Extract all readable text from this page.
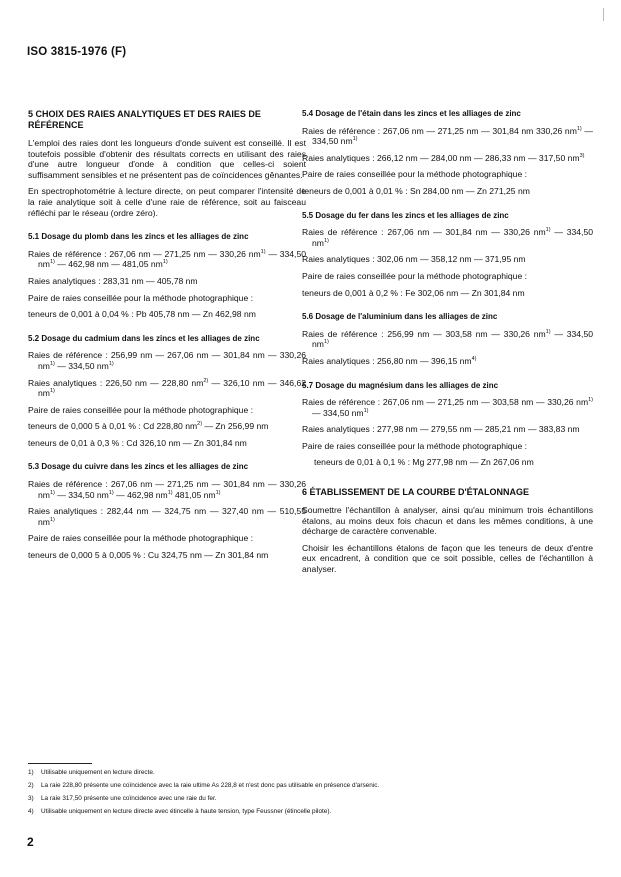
ISO 3815-1976 (F)
5 CHOIX DES RAIES ANALYTIQUES ET DES RAIES DE RÉFÉRENCE

L'emploi des raies dont les longueurs d'onde suivent est conseillé. Il est toutefois possible d'obtenir des résultats corrects en utilisant des raies d'une autre longueur d'onde à condition que celles-ci soient suffisamment sensibles et ne présentent pas de coïncidences gênantes.

En spectrophotométrie à lecture directe, on peut comparer l'intensité de la raie analytique soit à celle d'une raie de référence, soit au faisceau réfléchi par le réseau (ordre zéro).

5.1 Dosage du plomb dans les zincs et les alliages de zinc

Raies de référence : 267,06 nm — 271,25 nm — 330,26 $nm^{1)}$ — 334,50 $nm^{1)}$ — 462,98 nm — 481,05 $nm^{1)}$

Raies analytiques : 283,31 nm — 405,78 nm

Paire de raies conseillée pour la méthode photographique :

teneurs de 0,001 à 0,04 % : Pb 405,78 nm — Zn 462,98 nm

5.2 Dosage du cadmium dans les zincs et les alliages de zinc

Raies de référence : 256,99 nm — 267,06 nm — 301,84 nm — 330,26 $nm^{1)}$ — 334,50 $nm^{1)}$

Raies analytiques : 226,50 nm — 228,80 $nm^{2)}$ — 326,10 nm — 346,62 $nm^{1)}$

Paire de raies conseillée pour la méthode photographique :

teneurs de 0,000 5 à 0,01 % : Cd 228,80 $nm^{2)}$ — Zn 256,99 nm

teneurs de 0,01 à 0,3 % : Cd 326,10 nm — Zn 301,84 nm

5.3 Dosage du cuivre dans les zincs et les alliages de zinc

Raies de référence : 267,06 nm — 271,25 nm — 301,84 nm — 330,26 $nm^{1)}$ — 334,50 $nm^{1)}$ — 462,98 $nm^{1)}$ 481,05 $nm^{1)}$

Raies analytiques : 282,44 nm — 324,75 nm — 327,40 nm — 510,55 $nm^{1)}$

Paire de raies conseillée pour la méthode photographique :

teneurs de 0,000 5 à 0,005 % : Cu 324,75 nm — Zn 301,84 nm

5.4 Dosage de l'étain dans les zincs et les alliages de zinc

Raies de référence : 267,06 nm — 271,25 nm — 301,84 nm 330,26 $nm^{1)}$ — 334,50 $nm^{1)}$

Raies analytiques : 266,12 nm — 284,00 nm — 286,33 nm — 317,50 $nm^{3)}$

Paire de raies conseillée pour la méthode photographique :

teneurs de 0,001 à 0,01 % : Sn 284,00 nm — Zn 271,25 nm

5.5 Dosage du fer dans les zincs et les alliages de zinc

Raies de référence : 267,06 nm — 301,84 nm — 330,26 $nm^{1)}$ — 334,50 $nm^{1)}$

Raies analytiques : 302,06 nm — 358,12 nm — 371,95 nm

Paire de raies conseillée pour la méthode photographique :

teneurs de 0,001 à 0,2 % : Fe 302,06 nm — Zn 301,84 nm

5.6 Dosage de l'aluminium dans les alliages de zinc

Raies de référence : 256,99 nm — 303,58 nm — 330,26 $nm^{1)}$ — 334,50 $nm^{1)}$

Raies analytiques : 256,80 nm — 396,15 $nm^{4)}$

5.7 Dosage du magnésium dans les alliages de zinc

Raies de référence : 267,06 nm — 271,25 nm — 303,58 nm — 330,26 $nm^{1)}$ — 334,50 $nm^{1)}$

Raies analytiques : 277,98 nm — 279,55 nm — 285,21 nm — 383,83 nm

Paire de raies conseillée pour la méthode photographique :

teneurs de 0,01 à 0,1 % : Mg 277,98 nm — Zn 267,06 nm

6 ÉTABLISSEMENT DE LA COURBE D'ÉTALONNAGE

Soumettre l'échantillon à analyser, ainsi qu'au minimum trois échantillons étalons, au moins deux fois chacun et dans les mêmes conditions, à une décharge de caractère convenable.

Choisir les échantillons étalons de façon que les teneurs de deux d'entre eux encadrent, à condition que ce soit possible, celles de l'échantillon à analyser.

1) Utilisable uniquement en lecture directe.
2) La raie 228,80 présente une coïncidence avec la raie ultime As 228,8 et n'est donc pas utilisable en présence d'arsenic.
3) La raie 317,50 présente une coïncidence avec une raie du fer.
4) Utilisable uniquement en lecture directe avec étincelle à haute tension, type Feussner (étincelle pilote).
2
